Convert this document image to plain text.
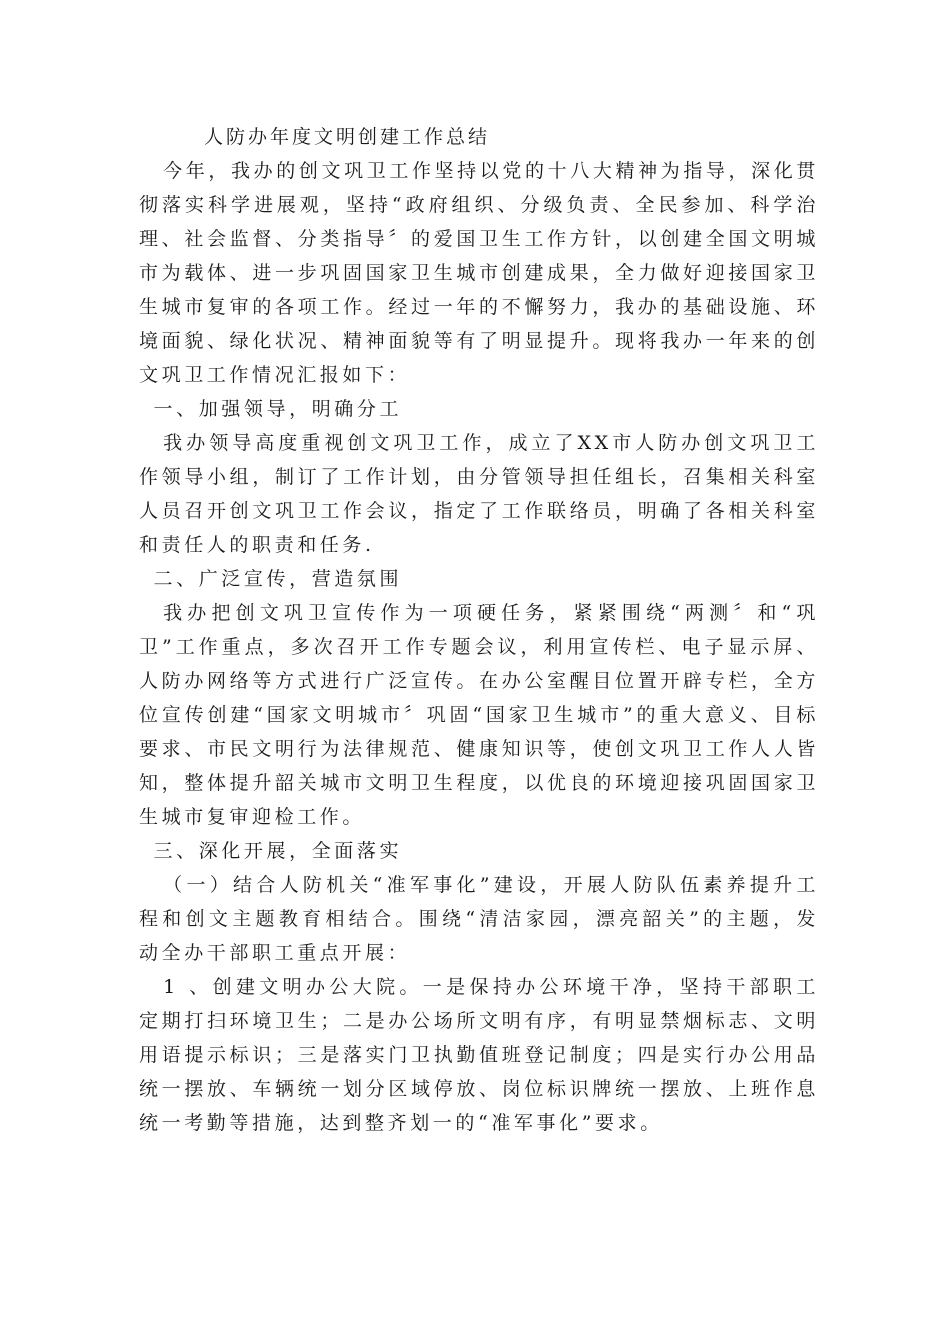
人防办年度文明创建工作总结

今年，我办的创文巩卫工作坚持以党的十八大精神为指导，深化贯彻落实科学进展观，坚持“政府组织、分级负责、全民参加、科学治理、社会监督、分类指导〞的爱国卫生工作方针，以创建全国文明城市为载体、进一步巩固国家卫生城市创建成果，全力做好迎接国家卫生城市复审的各项工作。经过一年的不懈努力，我办的基础设施、环境面貌、绿化状况、精神面貌等有了明显提升。现将我办一年来的创文巩卫工作情况汇报如下：

一、加强领导，明确分工

我办领导高度重视创文巩卫工作，成立了XX市人防办创文巩卫工作领导小组，制订了工作计划，由分管领导担任组长，召集相关科室人员召开创文巩卫工作会议，指定了工作联络员，明确了各相关科室和责任人的职责和任务.

二、广泛宣传，营造氛围

我办把创文巩卫宣传作为一项硬任务，紧紧围绕“两测〞和“巩卫”工作重点，多次召开工作专题会议，利用宣传栏、电子显示屏、人防办网络等方式进行广泛宣传。在办公室醒目位置开辟专栏，全方位宣传创建“国家文明城市〞巩固“国家卫生城市”的重大意义、目标要求、市民文明行为法律规范、健康知识等，使创文巩卫工作人人皆知，整体提升韶关城市文明卫生程度，以优良的环境迎接巩固国家卫生城市复审迎检工作。

三、深化开展，全面落实

（一）结合人防机关“准军事化”建设，开展人防队伍素养提升工程和创文主题教育相结合。围绕“清洁家园，漂亮韶关”的主题，发动全办干部职工重点开展：

1 、创建文明办公大院。一是保持办公环境干净，坚持干部职工定期打扫环境卫生；二是办公场所文明有序，有明显禁烟标志、文明用语提示标识；三是落实门卫执勤值班登记制度；四是实行办公用品统一摆放、车辆统一划分区域停放、岗位标识牌统一摆放、上班作息统一考勤等措施，达到整齐划一的“准军事化”要求。
